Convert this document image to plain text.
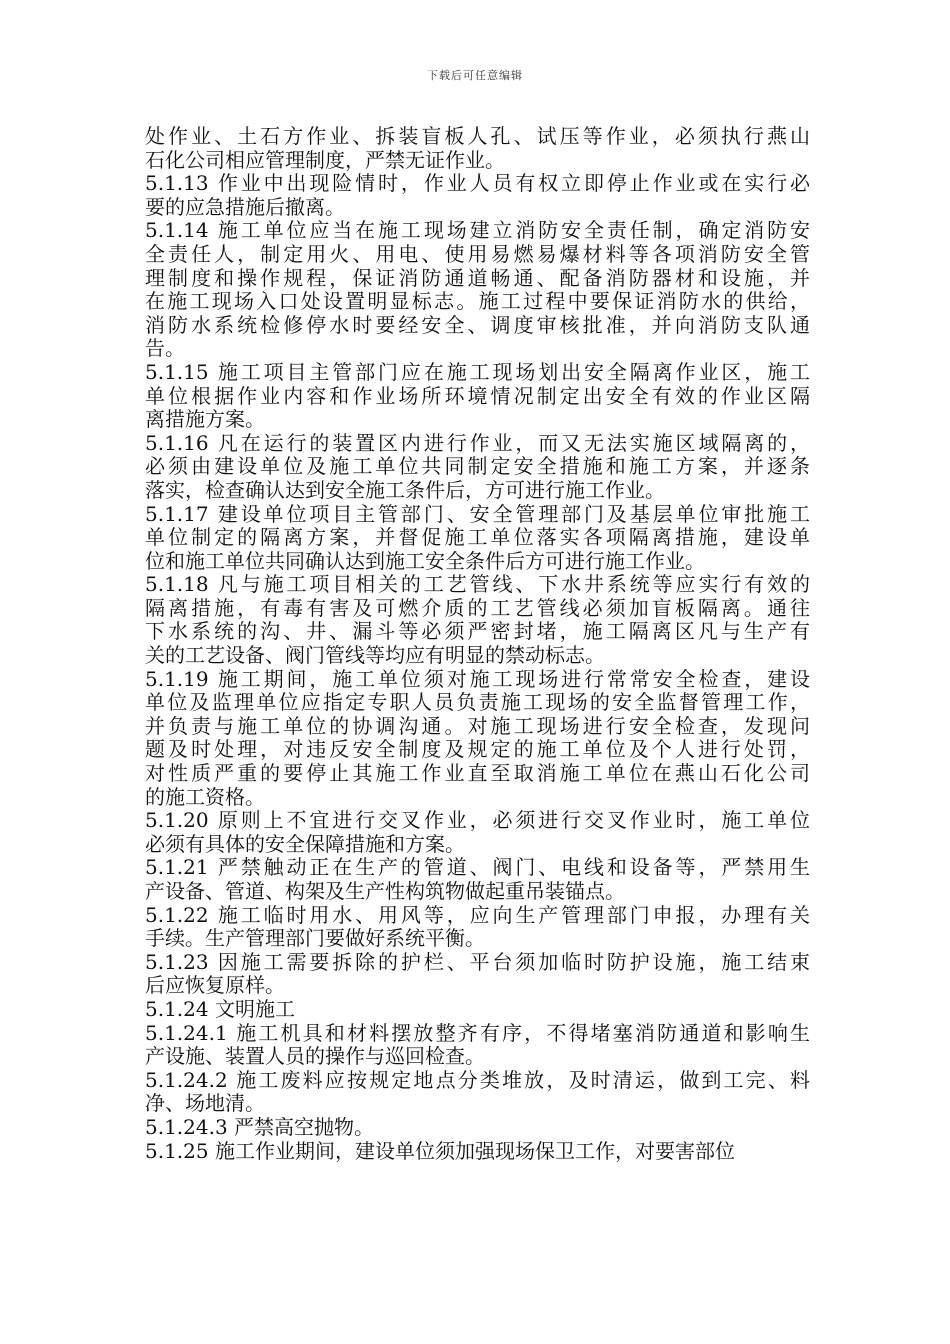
下载后可任意编辑
处作业、土石方作业、拆装盲板人孔、试压等作业，必须执行燕山
石化公司相应管理制度，严禁无证作业。
5.1.13 作业中出现险情时，作业人员有权立即停止作业或在实行必
要的应急措施后撤离。
5.1.14 施工单位应当在施工现场建立消防安全责任制，确定消防安
全责任人，制定用火、用电、使用易燃易爆材料等各项消防安全管
理制度和操作规程，保证消防通道畅通、配备消防器材和设施，并
在施工现场入口处设置明显标志。施工过程中要保证消防水的供给，
消防水系统检修停水时要经安全、调度审核批准，并向消防支队通
告。
5.1.15 施工项目主管部门应在施工现场划出安全隔离作业区，施工
单位根据作业内容和作业场所环境情况制定出安全有效的作业区隔
离措施方案。
5.1.16 凡在运行的装置区内进行作业，而又无法实施区域隔离的，
必须由建设单位及施工单位共同制定安全措施和施工方案，并逐条
落实，检查确认达到安全施工条件后，方可进行施工作业。
5.1.17 建设单位项目主管部门、安全管理部门及基层单位审批施工
单位制定的隔离方案，并督促施工单位落实各项隔离措施，建设单
位和施工单位共同确认达到施工安全条件后方可进行施工作业。
5.1.18 凡与施工项目相关的工艺管线、下水井系统等应实行有效的
隔离措施，有毒有害及可燃介质的工艺管线必须加盲板隔离。通往
下水系统的沟、井、漏斗等必须严密封堵，施工隔离区凡与生产有
关的工艺设备、阀门管线等均应有明显的禁动标志。
5.1.19 施工期间，施工单位须对施工现场进行常常安全检查，建设
单位及监理单位应指定专职人员负责施工现场的安全监督管理工作，
并负责与施工单位的协调沟通。对施工现场进行安全检查，发现问
题及时处理，对违反安全制度及规定的施工单位及个人进行处罚，
对性质严重的要停止其施工作业直至取消施工单位在燕山石化公司
的施工资格。
5.1.20 原则上不宜进行交叉作业，必须进行交叉作业时，施工单位
必须有具体的安全保障措施和方案。
5.1.21 严禁触动正在生产的管道、阀门、电线和设备等，严禁用生
产设备、管道、构架及生产性构筑物做起重吊装锚点。
5.1.22 施工临时用水、用风等，应向生产管理部门申报，办理有关
手续。生产管理部门要做好系统平衡。
5.1.23 因施工需要拆除的护栏、平台须加临时防护设施，施工结束
后应恢复原样。
5.1.24 文明施工
5.1.24.1 施工机具和材料摆放整齐有序，不得堵塞消防通道和影响生
产设施、装置人员的操作与巡回检查。
5.1.24.2 施工废料应按规定地点分类堆放，及时清运，做到工完、料
净、场地清。
5.1.24.3 严禁高空抛物。
5.1.25 施工作业期间，建设单位须加强现场保卫工作，对要害部位
